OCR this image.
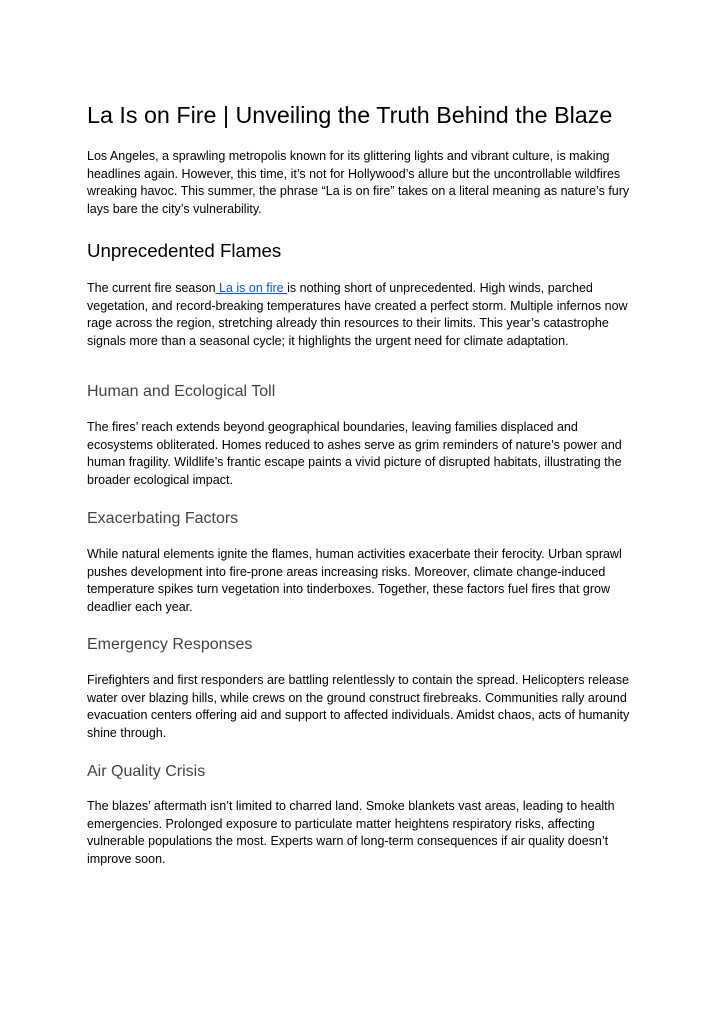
La Is on Fire | Unveiling the Truth Behind the Blaze

Los Angeles, a sprawling metropolis known for its glittering lights and vibrant culture, is making headlines again. However, this time, it’s not for Hollywood’s allure but the uncontrollable wildfires wreaking havoc. This summer, the phrase “La is on fire” takes on a literal meaning as nature’s fury lays bare the city’s vulnerability.

Unprecedented Flames

The current fire season La is on fire is nothing short of unprecedented. High winds, parched vegetation, and record-breaking temperatures have created a perfect storm. Multiple infernos now rage across the region, stretching already thin resources to their limits. This year’s catastrophe signals more than a seasonal cycle; it highlights the urgent need for climate adaptation.

Human and Ecological Toll

The fires’ reach extends beyond geographical boundaries, leaving families displaced and ecosystems obliterated. Homes reduced to ashes serve as grim reminders of nature’s power and human fragility. Wildlife’s frantic escape paints a vivid picture of disrupted habitats, illustrating the broader ecological impact.

Exacerbating Factors

While natural elements ignite the flames, human activities exacerbate their ferocity. Urban sprawl pushes development into fire-prone areas increasing risks. Moreover, climate change-induced temperature spikes turn vegetation into tinderboxes. Together, these factors fuel fires that grow deadlier each year.

Emergency Responses

Firefighters and first responders are battling relentlessly to contain the spread. Helicopters release water over blazing hills, while crews on the ground construct firebreaks. Communities rally around evacuation centers offering aid and support to affected individuals. Amidst chaos, acts of humanity shine through.

Air Quality Crisis

The blazes’ aftermath isn’t limited to charred land. Smoke blankets vast areas, leading to health emergencies. Prolonged exposure to particulate matter heightens respiratory risks, affecting vulnerable populations the most. Experts warn of long-term consequences if air quality doesn’t improve soon.
